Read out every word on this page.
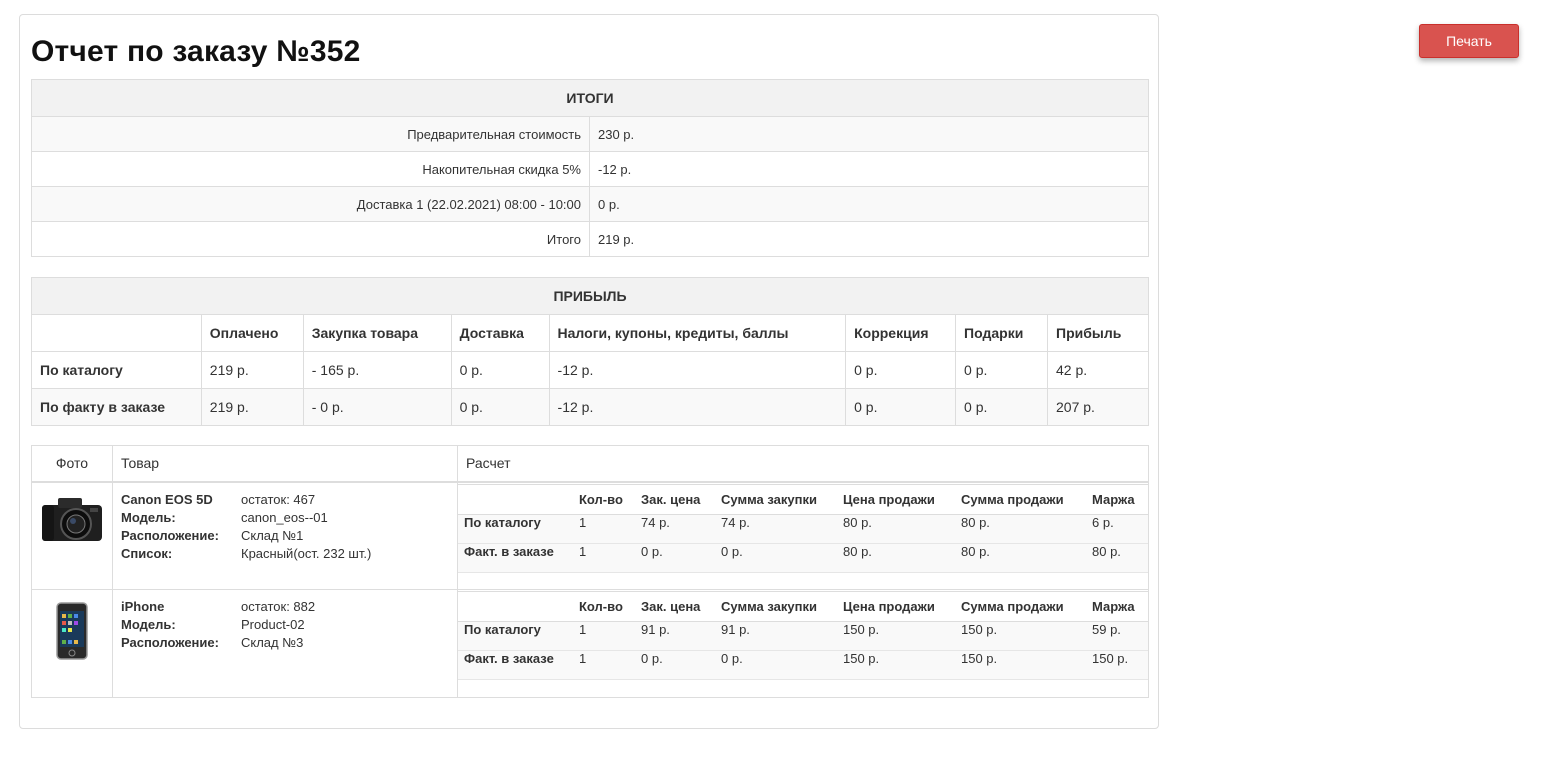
Отчет по заказу №352
ИТОГИ	
Предварительная стоимость	230 р.
Накопительная скидка 5%	-12 р.
Доставка 1 (22.02.2021) 08:00 - 10:00	0 р.
Итого	219 р.
ПРИБЫЛЬ							
	Оплачено	Закупка товара	Доставка	Налоги, купоны, кредиты, баллы	Коррекция	Подарки	Прибыль
По каталогу	219 р.	- 165 р.	0 р.	-12 р.	0 р.	0 р.	42 р.
По факту в заказе	219 р.	- 0 р.	0 р.	-12 р.	0 р.	0 р.	207 р.
Фото	Товар	Расчет

Canon EOS 5D	остаток: 467
Модель:	canon_eos--01
Расположение:	Склад №1
Список:	Красный(ост. 232 шт.)

	Кол-во	Зак. цена	Сумма закупки	Цена продажи	Сумма продажи	Маржа
По каталогу	1	74 р.	74 р.	80 р.	80 р.	6 р.
Факт. в заказе	1	0 р.	0 р.	80 р.	80 р.	80 р.

iPhone	остаток: 882
Модель:	Product-02
Расположение:	Склад №3

	Кол-во	Зак. цена	Сумма закупки	Цена продажи	Сумма продажи	Маржа
По каталогу	1	91 р.	91 р.	150 р.	150 р.	59 р.
Факт. в заказе	1	0 р.	0 р.	150 р.	150 р.	150 р.
Печать
